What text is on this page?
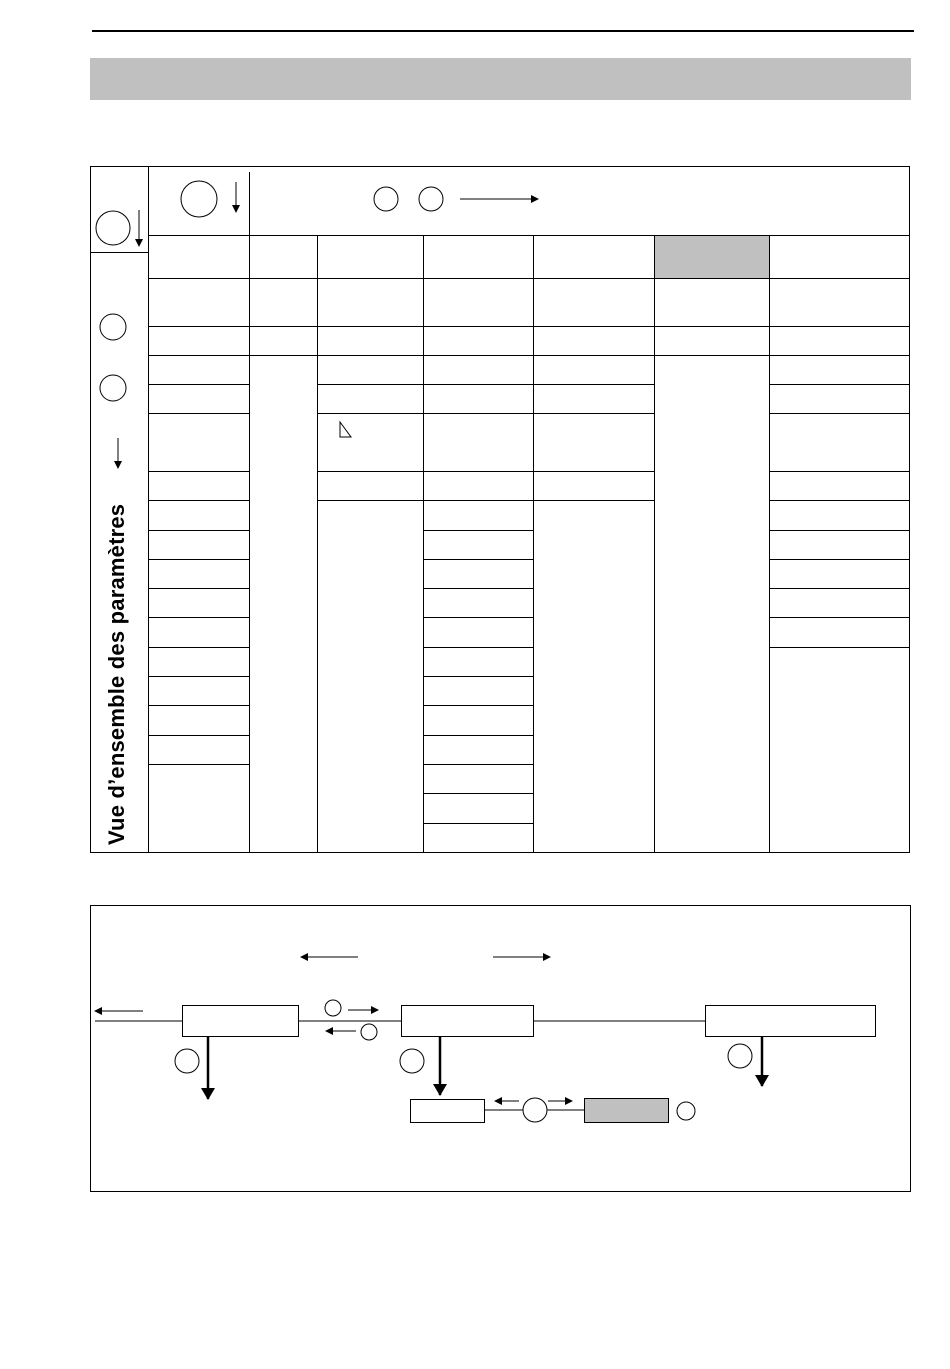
Vue d’ensemble des paramètres
